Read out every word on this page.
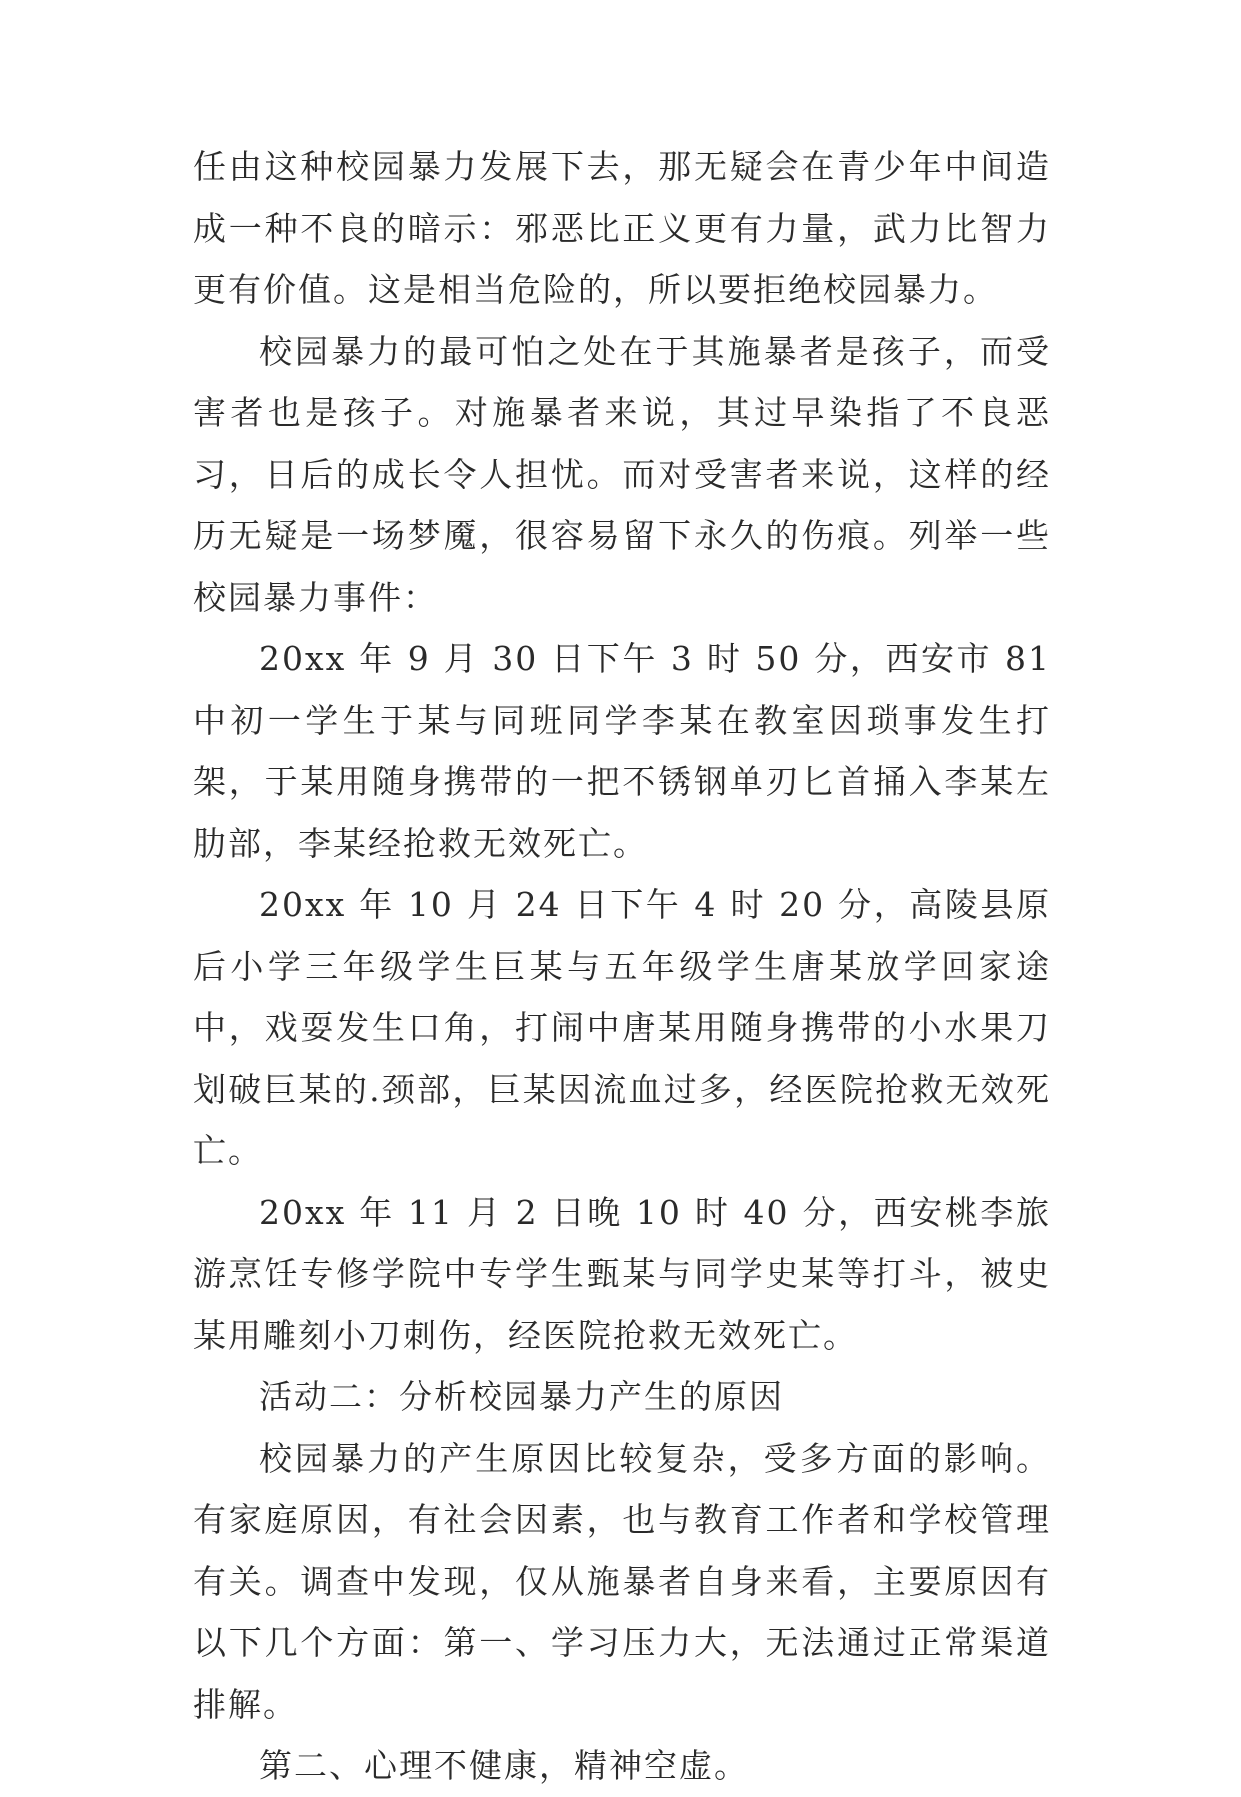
任由这种校园暴力发展下去，那无疑会在青少年中间造成一种不良的暗示：邪恶比正义更有力量，武力比智力更有价值。这是相当危险的，所以要拒绝校园暴力。

校园暴力的最可怕之处在于其施暴者是孩子，而受害者也是孩子。对施暴者来说，其过早染指了不良恶习，日后的成长令人担忧。而对受害者来说，这样的经历无疑是一场梦魇，很容易留下永久的伤痕。列举一些校园暴力事件：

20xx 年 9 月 30 日下午 3 时 50 分，西安市 81 中初一学生于某与同班同学李某在教室因琐事发生打架，于某用随身携带的一把不锈钢单刃匕首捅入李某左肋部，李某经抢救无效死亡。

20xx 年 10 月 24 日下午 4 时 20 分，高陵县原后小学三年级学生巨某与五年级学生唐某放学回家途中，戏耍发生口角，打闹中唐某用随身携带的小水果刀划破巨某的.颈部，巨某因流血过多，经医院抢救无效死亡。

20xx 年 11 月 2 日晚 10 时 40 分，西安桃李旅游烹饪专修学院中专学生甄某与同学史某等打斗，被史某用雕刻小刀刺伤，经医院抢救无效死亡。

活动二：分析校园暴力产生的原因

校园暴力的产生原因比较复杂，受多方面的影响。有家庭原因，有社会因素，也与教育工作者和学校管理有关。调查中发现，仅从施暴者自身来看，主要原因有以下几个方面：第一、学习压力大，无法通过正常渠道排解。

第二、心理不健康，精神空虚。
